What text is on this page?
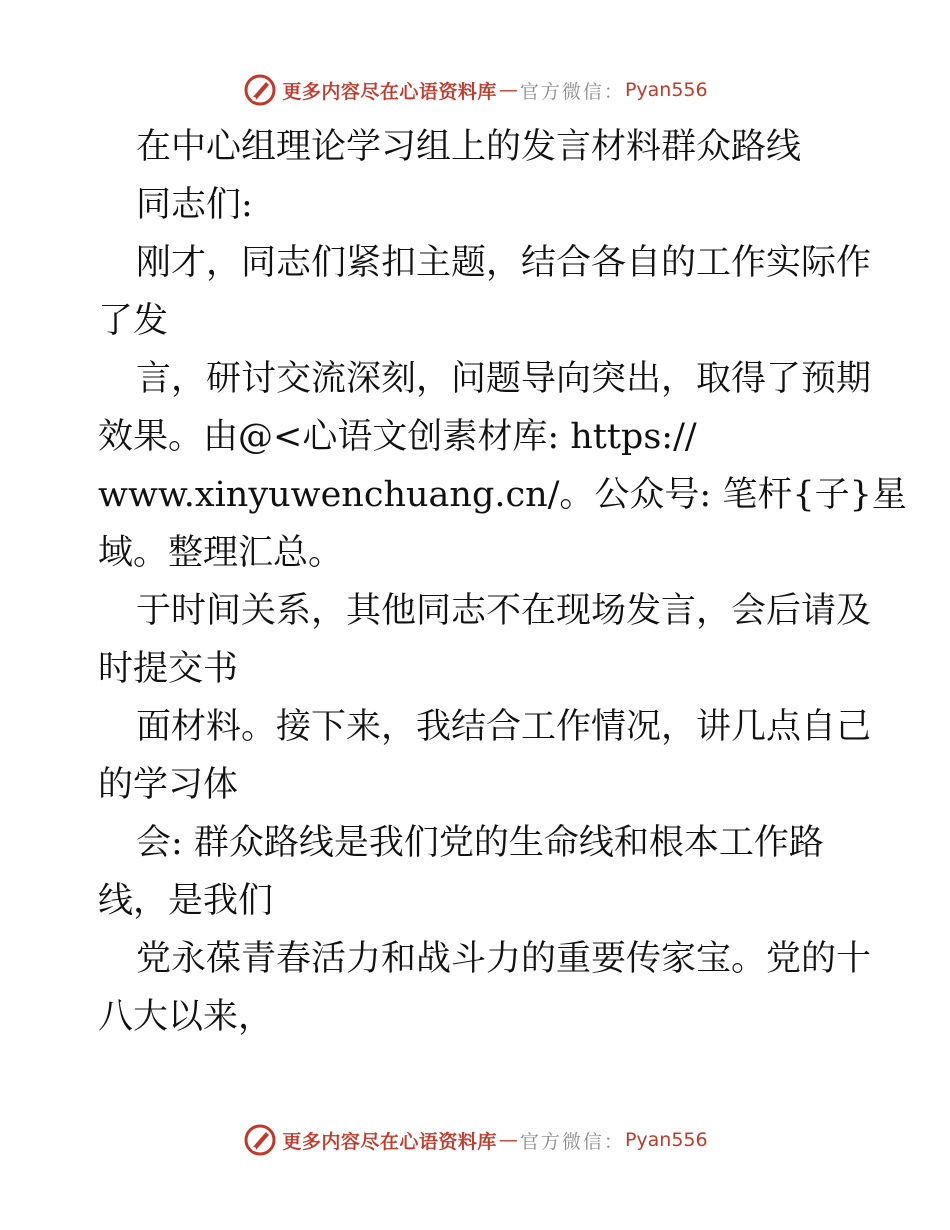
更多内容尽在心语资料库 — 官方微信： Pyan556
在中心组理论学习组上的发言材料群众路线
同志们:
刚才，同志们紧扣主题，结合各自的工作实际作
了发
言，研讨交流深刻，问题导向突出，取得了预期
效果。由@<心语文创素材库: https://
www.xinyuwenchuang.cn/。公众号: 笔杆{子}星
域。整理汇总。
于时间关系，其他同志不在现场发言，会后请及
时提交书
面材料。接下来，我结合工作情况，讲几点自己
的学习体
会: 群众路线是我们党的生命线和根本工作路
线，是我们
党永葆青春活力和战斗力的重要传家宝。党的十
八大以来，
更多内容尽在心语资料库 — 官方微信： Pyan556
